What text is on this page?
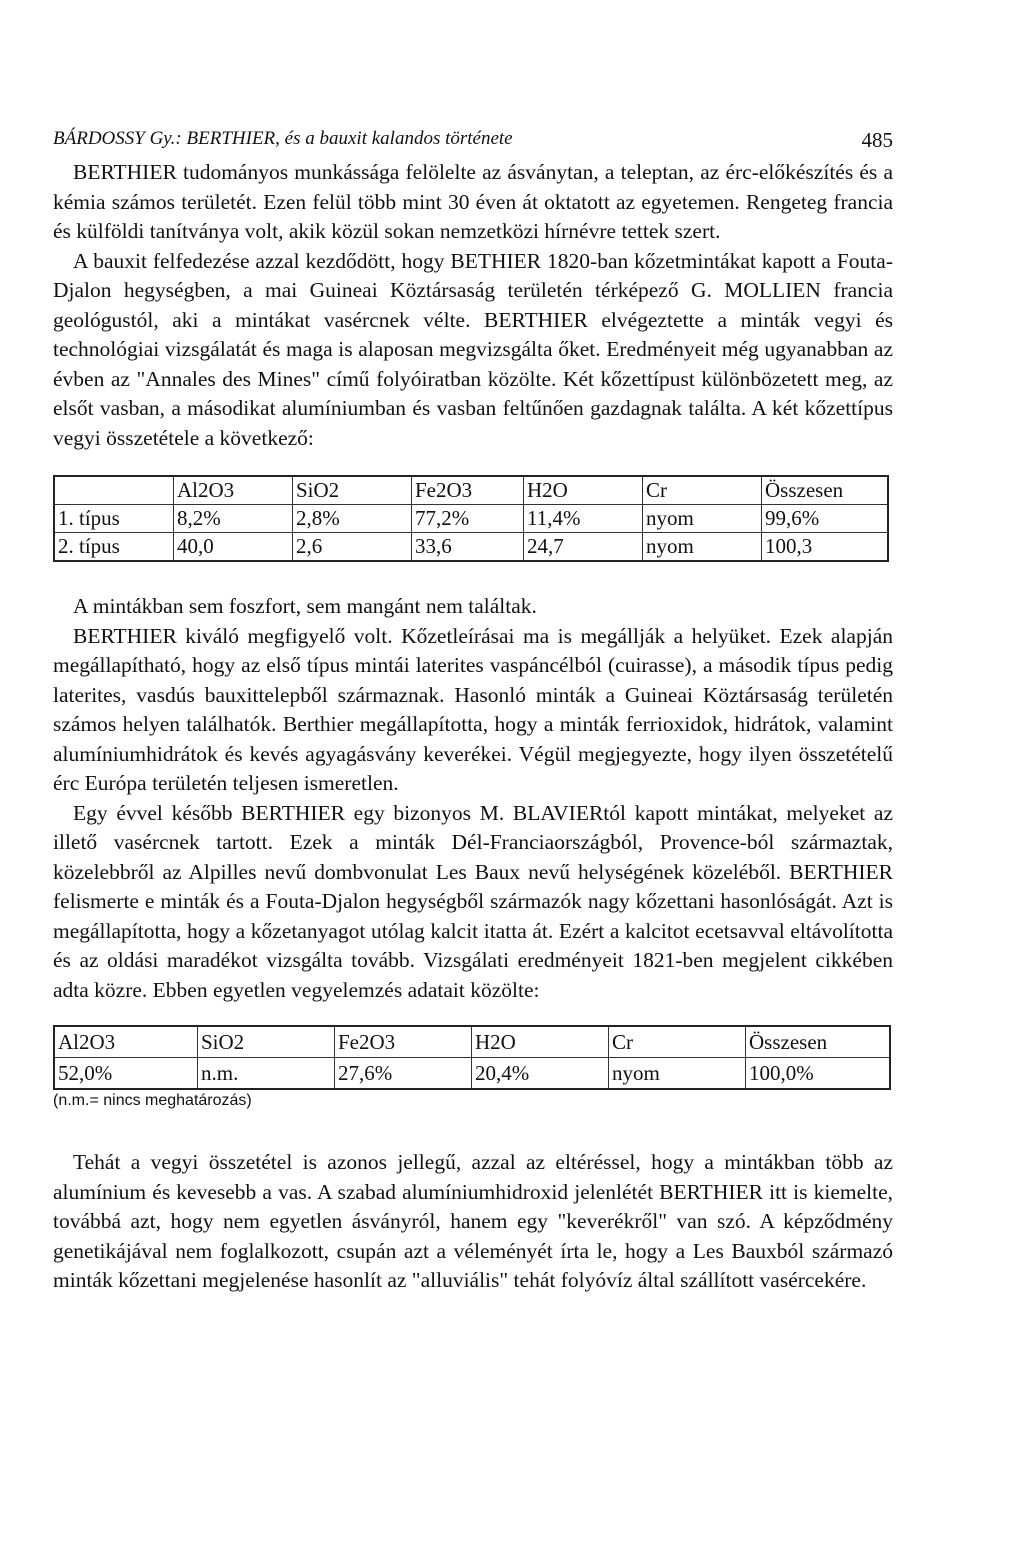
BÁRDOSSY Gy.: BERTHIER, és a bauxit kalandos története	485

BERTHIER tudományos munkássága felölelte az ásványtan, a teleptan, az érc-előkészítés és a kémia számos területét. Ezen felül több mint 30 éven át oktatott az egyetemen. Rengeteg francia és külföldi tanítványa volt, akik közül sokan nemzetközi hírnévre tettek szert.

A bauxit felfedezése azzal kezdődött, hogy BETHIER 1820-ban kőzetmintákat kapott a Fouta-Djalon hegységben, a mai Guineai Köztársaság területén térképező G. MOLLIEN francia geológustól, aki a mintákat vasércnek vélte. BERTHIER elvégeztette a minták vegyi és technológiai vizsgálatát és maga is alaposan megvizsgálta őket. Eredményeit még ugyanabban az évben az "Annales des Mines" című folyóiratban közölte. Két kőzettípust különbözetett meg, az elsőt vasban, a másodikat alumíniumban és vasban feltűnően gazdagnak találta. A két kőzettípus vegyi összetétele a következő:

	Al2O3	SiO2	Fe2O3	H2O	Cr	Összesen
1. típus	8,2%	2,8%	77,2%	11,4%	nyom	99,6%
2. típus	40,0	2,6	33,6	24,7	nyom	100,3

A mintákban sem foszfort, sem mangánt nem találtak.

BERTHIER kiváló megfigyelő volt. Kőzetleírásai ma is megállják a helyüket. Ezek alapján megállapítható, hogy az első típus mintái laterites vaspáncélból (cuirasse), a második típus pedig laterites, vasdús bauxittelepből származnak. Hasonló minták a Guineai Köztársaság területén számos helyen találhatók. Berthier megállapította, hogy a minták ferrioxidok, hidrátok, valamint alumíniumhidrátok és kevés agyagásvány keverékei. Végül megjegyezte, hogy ilyen összetételű érc Európa területén teljesen ismeretlen.

Egy évvel később BERTHIER egy bizonyos M. BLAVIERtól kapott mintákat, melyeket az illető vasércnek tartott. Ezek a minták Dél-Franciaországból, Provence-ból származtak, közelebbről az Alpilles nevű dombvonulat Les Baux nevű helységének közeléből. BERTHIER felismerte e minták és a Fouta-Djalon hegységből származók nagy kőzettani hasonlóságát. Azt is megállapította, hogy a kőzetanyagot utólag kalcit itatta át. Ezért a kalcitot ecetsavval eltávolította és az oldási maradékot vizsgálta tovább. Vizsgálati eredményeit 1821-ben megjelent cikkében adta közre. Ebben egyetlen vegyelemzés adatait közölte:

Al2O3	SiO2	Fe2O3	H2O	Cr	Összesen
52,0%	n.m.	27,6%	20,4%	nyom	100,0%
(n.m.= nincs meghatározás)

Tehát a vegyi összetétel is azonos jellegű, azzal az eltéréssel, hogy a mintákban több az alumínium és kevesebb a vas. A szabad alumíniumhidroxid jelenlétét BERTHIER itt is kiemelte, továbbá azt, hogy nem egyetlen ásványról, hanem egy "keverékről" van szó. A képződmény genetikájával nem foglalkozott, csupán azt a véleményét írta le, hogy a Les Bauxból származó minták kőzettani megjelenése hasonlít az "alluviális" tehát folyóvíz által szállított vasércekére.
